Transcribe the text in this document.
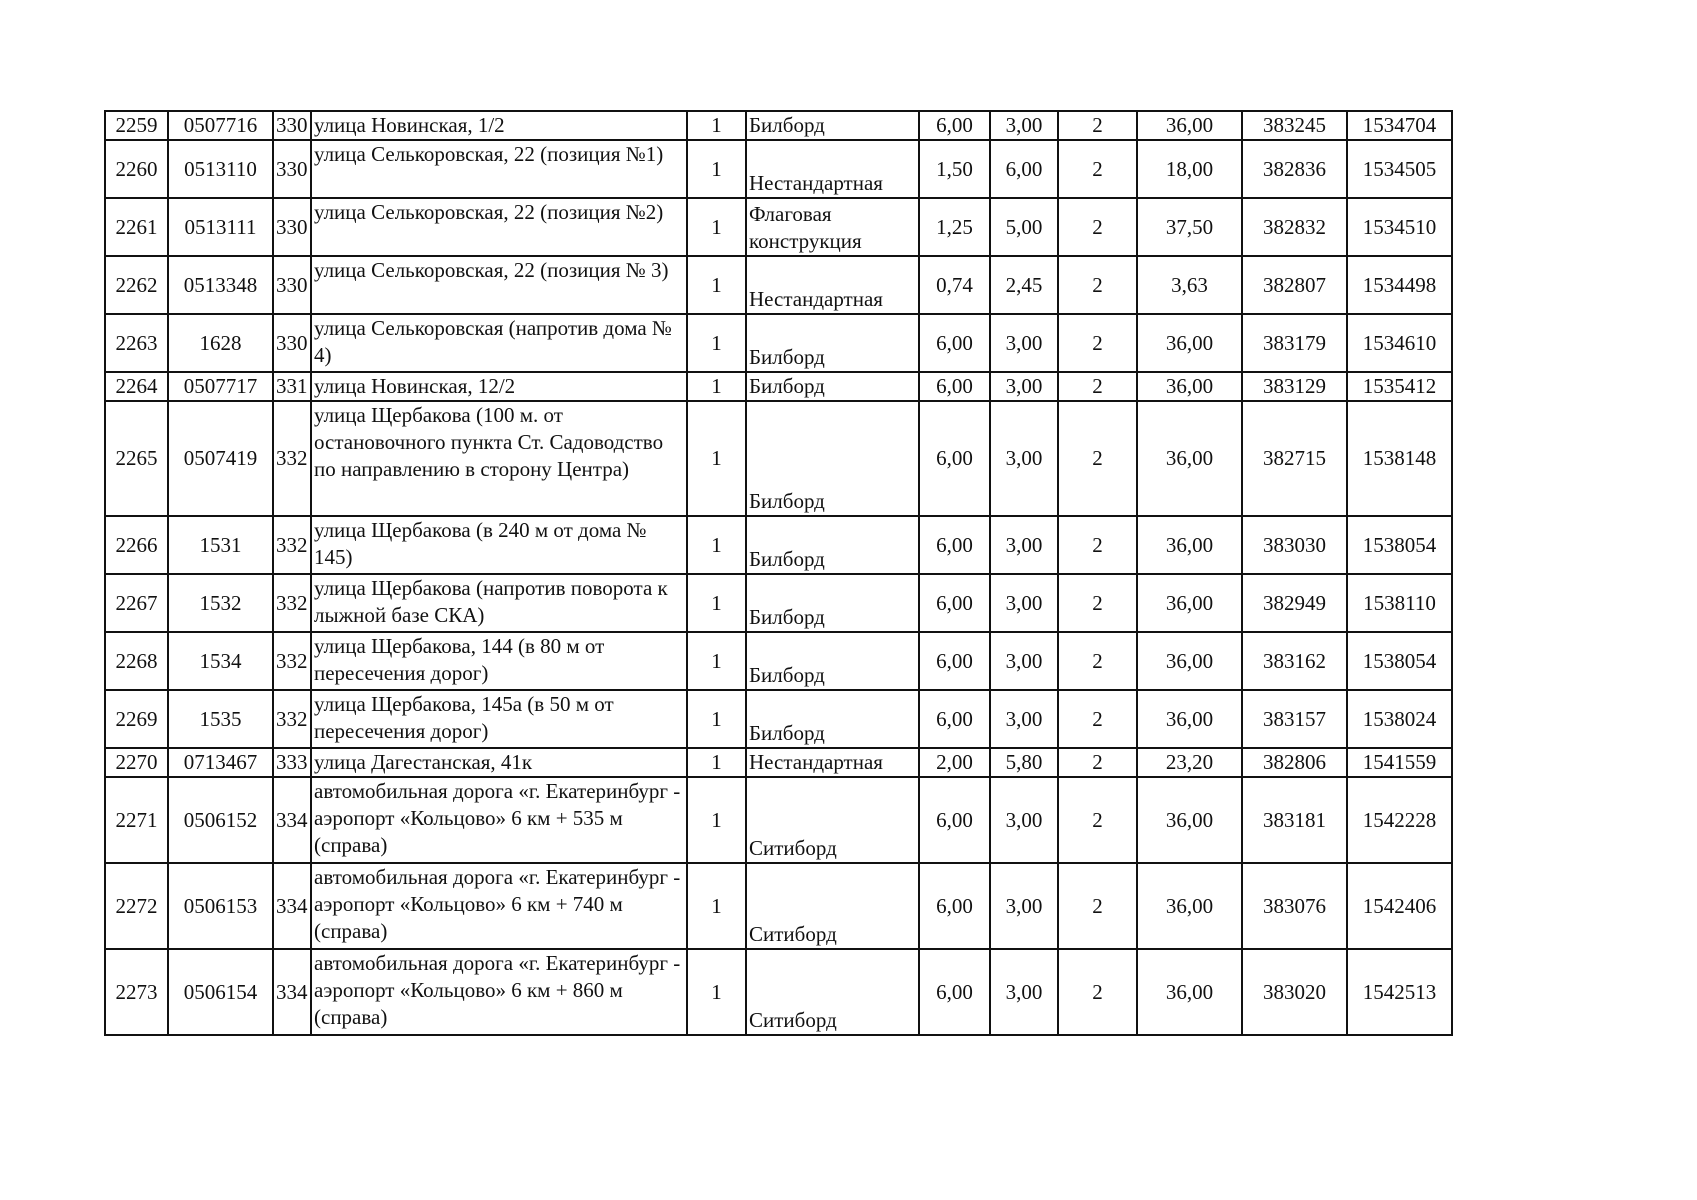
2259	0507716	330	улица Новинская, 1/2	1	Билборд	6,00	3,00	2	36,00	383245	1534704
2260	0513110	330	улица Селькоровская, 22 (позиция №1)	1	Нестандартная	1,50	6,00	2	18,00	382836	1534505
2261	0513111	330	улица Селькоровская, 22 (позиция №2)	1	Флаговая конструкция	1,25	5,00	2	37,50	382832	1534510
2262	0513348	330	улица Селькоровская, 22 (позиция № 3)	1	Нестандартная	0,74	2,45	2	3,63	382807	1534498
2263	1628	330	улица Селькоровская (напротив дома № 4)	1	Билборд	6,00	3,00	2	36,00	383179	1534610
2264	0507717	331	улица Новинская, 12/2	1	Билборд	6,00	3,00	2	36,00	383129	1535412
2265	0507419	332	улица Щербакова (100 м. от остановочного пункта Ст. Садоводство по направлению в сторону Центра)	1	Билборд	6,00	3,00	2	36,00	382715	1538148
2266	1531	332	улица Щербакова (в 240 м от дома № 145)	1	Билборд	6,00	3,00	2	36,00	383030	1538054
2267	1532	332	улица Щербакова (напротив поворота к лыжной базе СКА)	1	Билборд	6,00	3,00	2	36,00	382949	1538110
2268	1534	332	улица Щербакова, 144 (в 80 м от пересечения дорог)	1	Билборд	6,00	3,00	2	36,00	383162	1538054
2269	1535	332	улица Щербакова, 145а (в 50 м от пересечения дорог)	1	Билборд	6,00	3,00	2	36,00	383157	1538024
2270	0713467	333	улица Дагестанская, 41к	1	Нестандартная	2,00	5,80	2	23,20	382806	1541559
2271	0506152	334	автомобильная дорога «г. Екатеринбург - аэропорт «Кольцово» 6 км + 535 м (справа)	1	Ситиборд	6,00	3,00	2	36,00	383181	1542228
2272	0506153	334	автомобильная дорога «г. Екатеринбург - аэропорт «Кольцово» 6 км + 740 м (справа)	1	Ситиборд	6,00	3,00	2	36,00	383076	1542406
2273	0506154	334	автомобильная дорога «г. Екатеринбург - аэропорт «Кольцово» 6 км + 860 м (справа)	1	Ситиборд	6,00	3,00	2	36,00	383020	1542513
